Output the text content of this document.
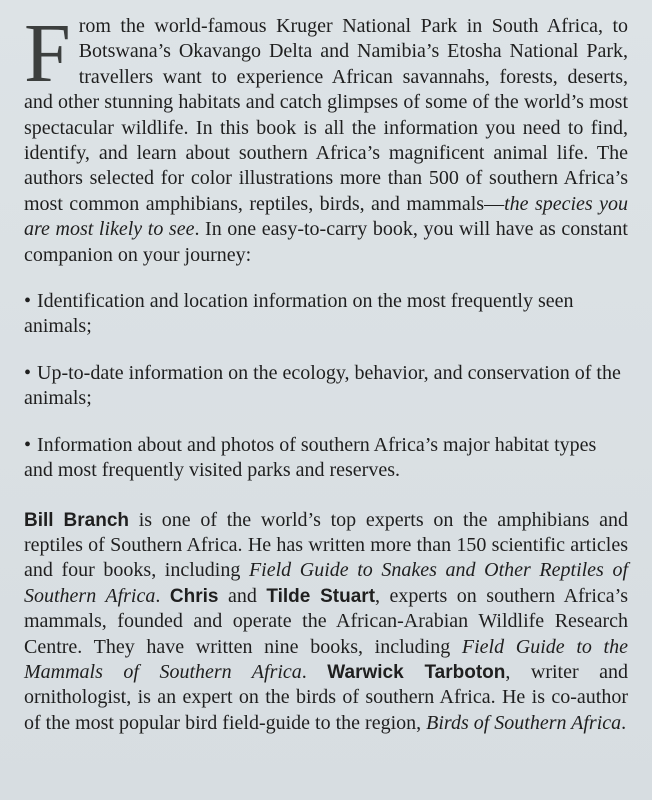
From the world-famous Kruger National Park in South Africa, to Botswana’s Okavango Delta and Namibia’s Etosha National Park, travellers want to experience African savannahs, forests, deserts, and other stunning habitats and catch glimpses of some of the world’s most spectacular wildlife. In this book is all the information you need to find, identify, and learn about southern Africa’s magnificent animal life. The authors selected for color illustrations more than 500 of southern Africa’s most common amphibians, reptiles, birds, and mammals—the species you are most likely to see. In one easy-to-carry book, you will have as constant companion on your journey:

• Identification and location information on the most frequently seen animals;

• Up-to-date information on the ecology, behavior, and conservation of the animals;

• Information about and photos of southern Africa’s major habitat types and most frequently visited parks and reserves.

Bill Branch is one of the world’s top experts on the amphibians and reptiles of Southern Africa. He has written more than 150 scientific articles and four books, including Field Guide to Snakes and Other Reptiles of Southern Africa. Chris and Tilde Stuart, experts on southern Africa’s mammals, founded and operate the African-Arabian Wildlife Research Centre. They have written nine books, including Field Guide to the Mammals of Southern Africa. Warwick Tarboton, writer and ornithologist, is an expert on the birds of southern Africa. He is co-author of the most popular bird field-guide to the region, Birds of Southern Africa.
